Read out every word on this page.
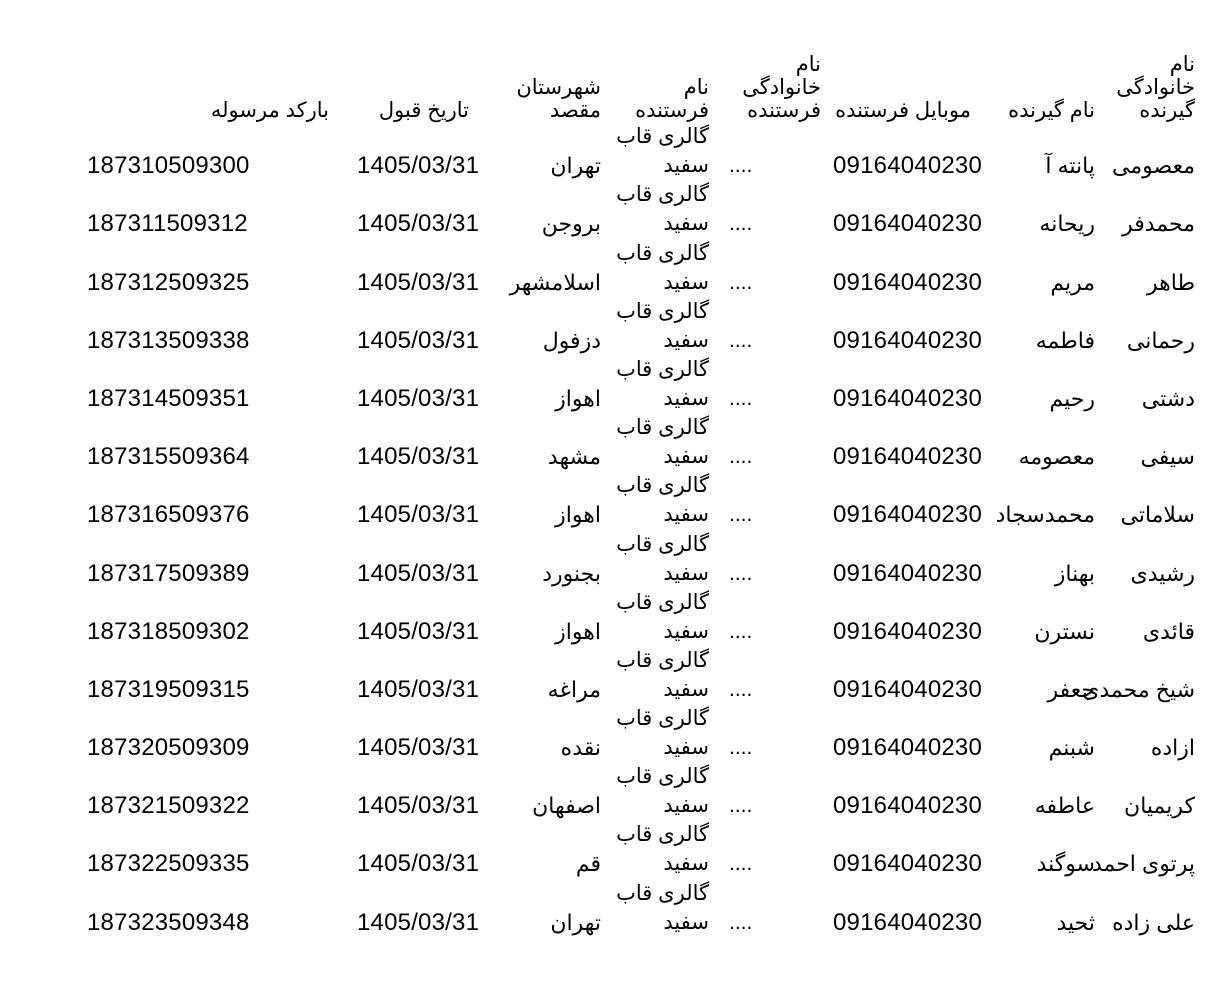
نام خانوادگی گیرنده	نام گیرنده	موبایل فرستنده	نام خانوادگی فرستنده	نام فرستنده	شهرستان مقصد	تاریخ قبول	بارکد مرسوله
معصومی	پانته آ	09164040230	....	گالری قاب سفید	تهران	1405/03/31	187310509300
محمدفر	ریحانه	09164040230	....	گالری قاب سفید	بروجن	1405/03/31	187311509312
طاهر	مریم	09164040230	....	گالری قاب سفید	اسلامشهر	1405/03/31	187312509325
رحمانی	فاطمه	09164040230	....	گالری قاب سفید	دزفول	1405/03/31	187313509338
دشتی	رحیم	09164040230	....	گالری قاب سفید	اهواز	1405/03/31	187314509351
سیفی	معصومه	09164040230	....	گالری قاب سفید	مشهد	1405/03/31	187315509364
سلاماتی	محمدسجاد	09164040230	....	گالری قاب سفید	اهواز	1405/03/31	187316509376
رشیدی	بهناز	09164040230	....	گالری قاب سفید	بجنورد	1405/03/31	187317509389
قائدی	نسترن	09164040230	....	گالری قاب سفید	اهواز	1405/03/31	187318509302
شیخ محمدی	جعفر	09164040230	....	گالری قاب سفید	مراغه	1405/03/31	187319509315
ازاده	شبنم	09164040230	....	گالری قاب سفید	نقده	1405/03/31	187320509309
کریمیان	عاطفه	09164040230	....	گالری قاب سفید	اصفهان	1405/03/31	187321509322
پرتوی احمد	سوگند	09164040230	....	گالری قاب سفید	قم	1405/03/31	187322509335
علی زاده	ثحید	09164040230	....	گالری قاب سفید	تهران	1405/03/31	187323509348
